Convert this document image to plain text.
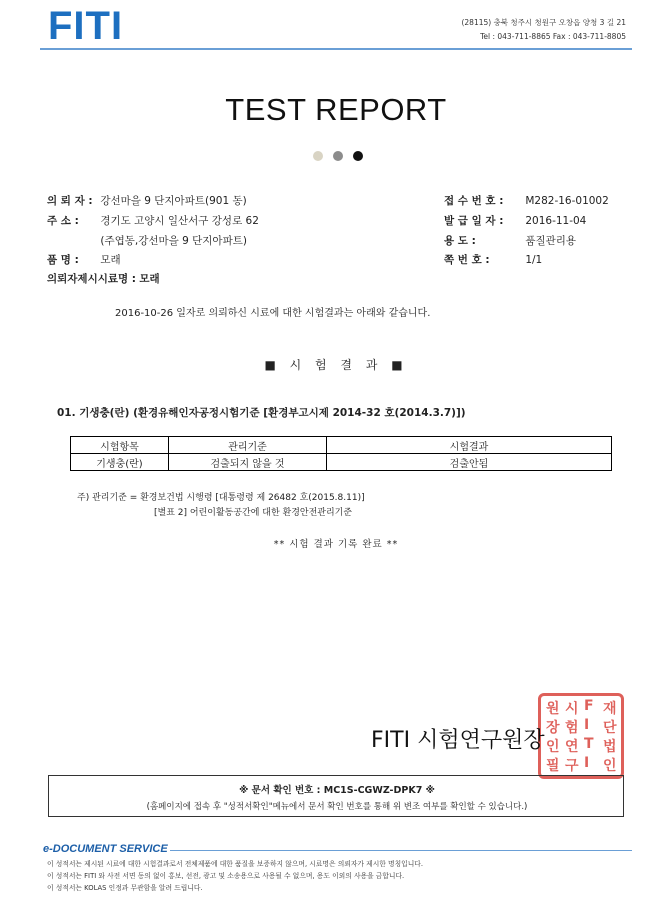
FITI	(28115) 충북 청주시 청원구 오창읍 양청 3 길 21
Tel : 043-711-8865 Fax : 043-711-8805
TEST REPORT
의 뢰 자 : 강선마을 9 단지아파트(901 동)
주 소 : 경기도 고양시 일산서구 강성로 62
(주엽동,강선마을 9 단지아파트)
품 명 : 모래
의뢰자제시시료명 : 모래
접 수 번 호 : M282-16-01002
발 급 일 자 : 2016-11-04
용 도 :	품질관리용
쪽 번 호 :	1/1
2016-10-26 일자로 의뢰하신 시료에 대한 시험결과는 아래와 같습니다.
■ 시 험 결 과 ■
01. 기생충(란) (환경유해인자공정시험기준 [환경부고시제 2014-32 호(2014.3.7)])
시험항목	관리기준	시험결과
기생충(란)	검출되지 않을 것	검출안됨
주) 관리기준 = 환경보건법 시행령 [대통령령 제 26482 호(2015.8.11)]
[별표 2] 어린이활동공간에 대한 환경안전관리기준
** 시험 결과 기록 완료 **
재
단
법
인
F
I
T
I
시
험
연
구
원
장
인
필
FITI 시험연구원장
※ 문서 확인 번호 : MC1S-CGWZ-DPK7 ※
(홈페이지에 접속 후 "성적서확인"메뉴에서 문서 확인 번호를 통해 위 변조 여부를 확인할 수 있습니다.)
e-DOCUMENT SERVICE
이 성적서는 제시된 시료에 대한 시험결과로서 전체제품에 대한 품질을 보증하지 않으며, 시료명은 의뢰자가 제시한 명칭입니다.
이 성적서는 FITI 와 사전 서면 동의 없이 홍보, 선전, 광고 및 소송용으로 사용될 수 없으며, 용도 이외의 사용을 금합니다.
이 성적서는 KOLAS 인정과 무관함을 알려 드립니다.
